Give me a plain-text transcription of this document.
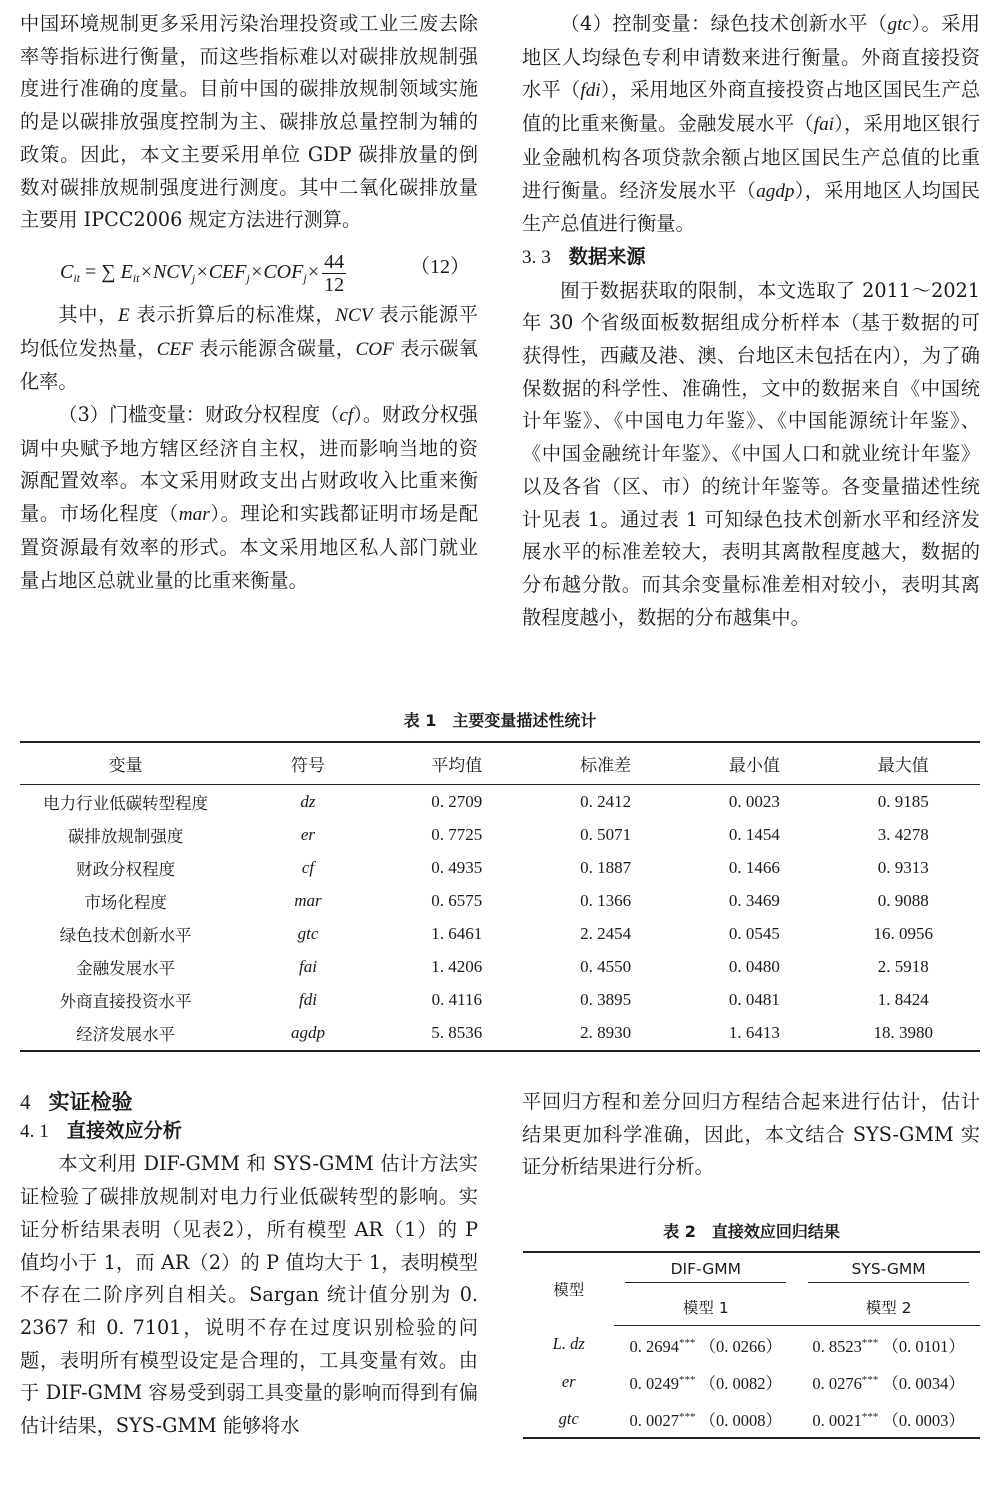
中国环境规制更多采用污染治理投资或工业三废去除率等指标进行衡量，而这些指标难以对碳排放规制强度进行准确的度量。目前中国的碳排放规制领域实施的是以碳排放强度控制为主、碳排放总量控制为辅的政策。因此，本文主要采用单位 GDP 碳排放量的倒数对碳排放规制强度进行测度。其中二氧化碳排放量主要用 IPCC2006 规定方法进行测算。

$C_{it}$ = ∑ $E_{it}\times NCV_j\times CEF_j\times COF_j\times \frac{44}{12}$	（12）

其中，E 表示折算后的标准煤，NCV 表示能源平均低位发热量，CEF 表示能源含碳量，COF 表示碳氧化率。

（3）门槛变量：财政分权程度（cf）。财政分权强调中央赋予地方辖区经济自主权，进而影响当地的资源配置效率。本文采用财政支出占财政收入比重来衡量。市场化程度（mar）。理论和实践都证明市场是配置资源最有效率的形式。本文采用地区私人部门就业量占地区总就业量的比重来衡量。

（4）控制变量：绿色技术创新水平（gtc）。采用地区人均绿色专利申请数来进行衡量。外商直接投资水平（fdi），采用地区外商直接投资占地区国民生产总值的比重来衡量。金融发展水平（fai），采用地区银行业金融机构各项贷款余额占地区国民生产总值的比重进行衡量。经济发展水平（agdp），采用地区人均国民生产总值进行衡量。

3. 3 数据来源

囿于数据获取的限制，本文选取了 2011～2021 年 30 个省级面板数据组成分析样本（基于数据的可获得性，西藏及港、澳、台地区未包括在内），为了确保数据的科学性、准确性，文中的数据来自《中国统计年鉴》、《中国电力年鉴》、《中国能源统计年鉴》、《中国金融统计年鉴》、《中国人口和就业统计年鉴》以及各省（区、市）的统计年鉴等。各变量描述性统计见表 1。通过表 1 可知绿色技术创新水平和经济发展水平的标准差较大，表明其离散程度越大，数据的分布越分散。而其余变量标准差相对较小，表明其离散程度越小，数据的分布越集中。

表 1　主要变量描述性统计
变量	符号	平均值	标准差	最小值	最大值
电力行业低碳转型程度	dz	0. 2709	0. 2412	0. 0023	0. 9185
碳排放规制强度	er	0. 7725	0. 5071	0. 1454	3. 4278
财政分权程度	cf	0. 4935	0. 1887	0. 1466	0. 9313
市场化程度	mar	0. 6575	0. 1366	0. 3469	0. 9088
绿色技术创新水平	gtc	1. 6461	2. 2454	0. 0545	16. 0956
金融发展水平	fai	1. 4206	0. 4550	0. 0480	2. 5918
外商直接投资水平	fdi	0. 4116	0. 3895	0. 0481	1. 8424
经济发展水平	agdp	5. 8536	2. 8930	1. 6413	18. 3980

4 实证检验

4. 1 直接效应分析

本文利用 DIF-GMM 和 SYS-GMM 估计方法实证检验了碳排放规制对电力行业低碳转型的影响。实证分析结果表明（见表2），所有模型 AR（1）的 P 值均小于 1，而 AR（2）的 P 值均大于 1，表明模型不存在二阶序列自相关。Sargan 统计值分别为 0. 2367 和 0. 7101，说明不存在过度识别检验的问题，表明所有模型设定是合理的，工具变量有效。由于 DIF-GMM 容易受到弱工具变量的影响而得到有偏估计结果，SYS-GMM 能够将水

平回归方程和差分回归方程结合起来进行估计，估计结果更加科学准确，因此，本文结合 SYS-GMM 实证分析结果进行分析。

表 2　直接效应回归结果
模型	DIF-GMM	SYS-GMM
	模型 1	模型 2
L. dz	0. 2694*** （0. 0266）	0. 8523*** （0. 0101）
er	0. 0249*** （0. 0082）	0. 0276*** （0. 0034）
gtc	0. 0027*** （0. 0008）	0. 0021*** （0. 0003）
